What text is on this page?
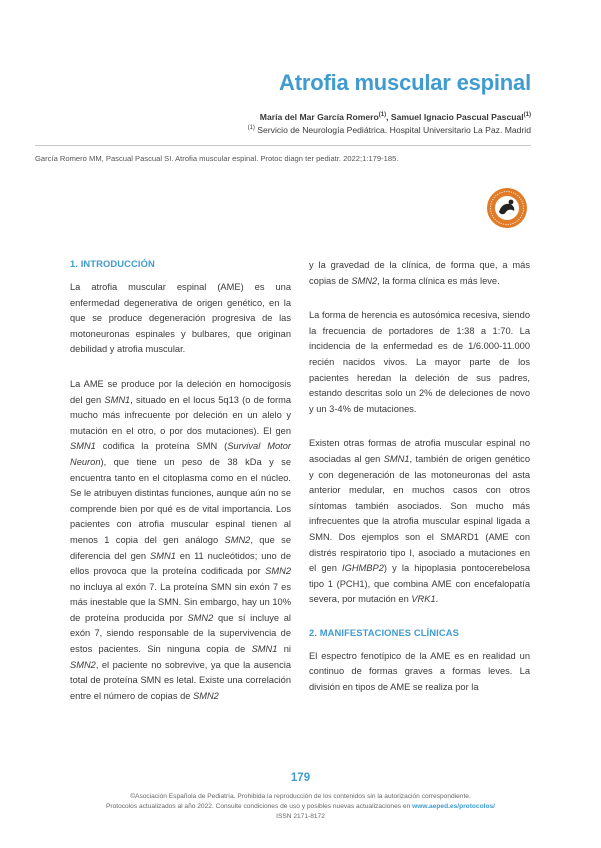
Atrofia muscular espinal
María del Mar García Romero$^{(1)}$, Samuel Ignacio Pascual Pascual$^{(1)}$
$^{(1)}$ Servicio de Neurología Pediátrica. Hospital Universitario La Paz. Madrid
García Romero MM, Pascual Pascual SI. Atrofia muscular espinal. Protoc diagn ter pediatr. 2022;1:179-185.
1. INTRODUCCIÓN
La atrofia muscular espinal (AME) es una enfermedad degenerativa de origen genético, en la que se produce degeneración progresiva de las motoneuronas espinales y bulbares, que originan debilidad y atrofia muscular.
La AME se produce por la deleción en homocigosis del gen SMN1, situado en el locus 5q13 (o de forma mucho más infrecuente por deleción en un alelo y mutación en el otro, o por dos mutaciones). El gen SMN1 codifica la proteína SMN (Survival Motor Neuron), que tiene un peso de 38 kDa y se encuentra tanto en el citoplasma como en el núcleo. Se le atribuyen distintas funciones, aunque aún no se comprende bien por qué es de vital importancia. Los pacientes con atrofia muscular espinal tienen al menos 1 copia del gen análogo SMN2, que se diferencia del gen SMN1 en 11 nucleótidos; uno de ellos provoca que la proteína codificada por SMN2 no incluya al exón 7. La proteína SMN sin exón 7 es más inestable que la SMN. Sin embargo, hay un 10% de proteína producida por SMN2 que sí incluye al exón 7, siendo responsable de la supervivencia de estos pacientes. Sin ninguna copia de SMN1 ni SMN2, el paciente no sobrevive, ya que la ausencia total de proteína SMN es letal. Existe una correlación entre el número de copias de SMN2
y la gravedad de la clínica, de forma que, a más copias de SMN2, la forma clínica es más leve.
La forma de herencia es autosómica recesiva, siendo la frecuencia de portadores de 1:38 a 1:70. La incidencia de la enfermedad es de 1/6.000-11.000 recién nacidos vivos. La mayor parte de los pacientes heredan la deleción de sus padres, estando descritas solo un 2% de deleciones de novo y un 3-4% de mutaciones.
Existen otras formas de atrofia muscular espinal no asociadas al gen SMN1, también de origen genético y con degeneración de las motoneuronas del asta anterior medular, en muchos casos con otros síntomas también asociados. Son mucho más infrecuentes que la atrofia muscular espinal ligada a SMN. Dos ejemplos son el SMARD1 (AME con distrés respiratorio tipo I, asociado a mutaciones en el gen IGHMBP2) y la hipoplasia pontocerebelosa tipo 1 (PCH1), que combina AME con encefalopatía severa, por mutación en VRK1.
2. MANIFESTACIONES CLÍNICAS
El espectro fenotípico de la AME es en realidad un continuo de formas graves a formas leves. La división en tipos de AME se realiza por la
179
©Asociación Española de Pediatría. Prohibida la reproducción de los contenidos sin la autorización correspondiente.
Protocolos actualizados al año 2022. Consulte condiciones de uso y posibles nuevas actualizaciones en www.aeped.es/protocolos/
ISSN 2171-8172
